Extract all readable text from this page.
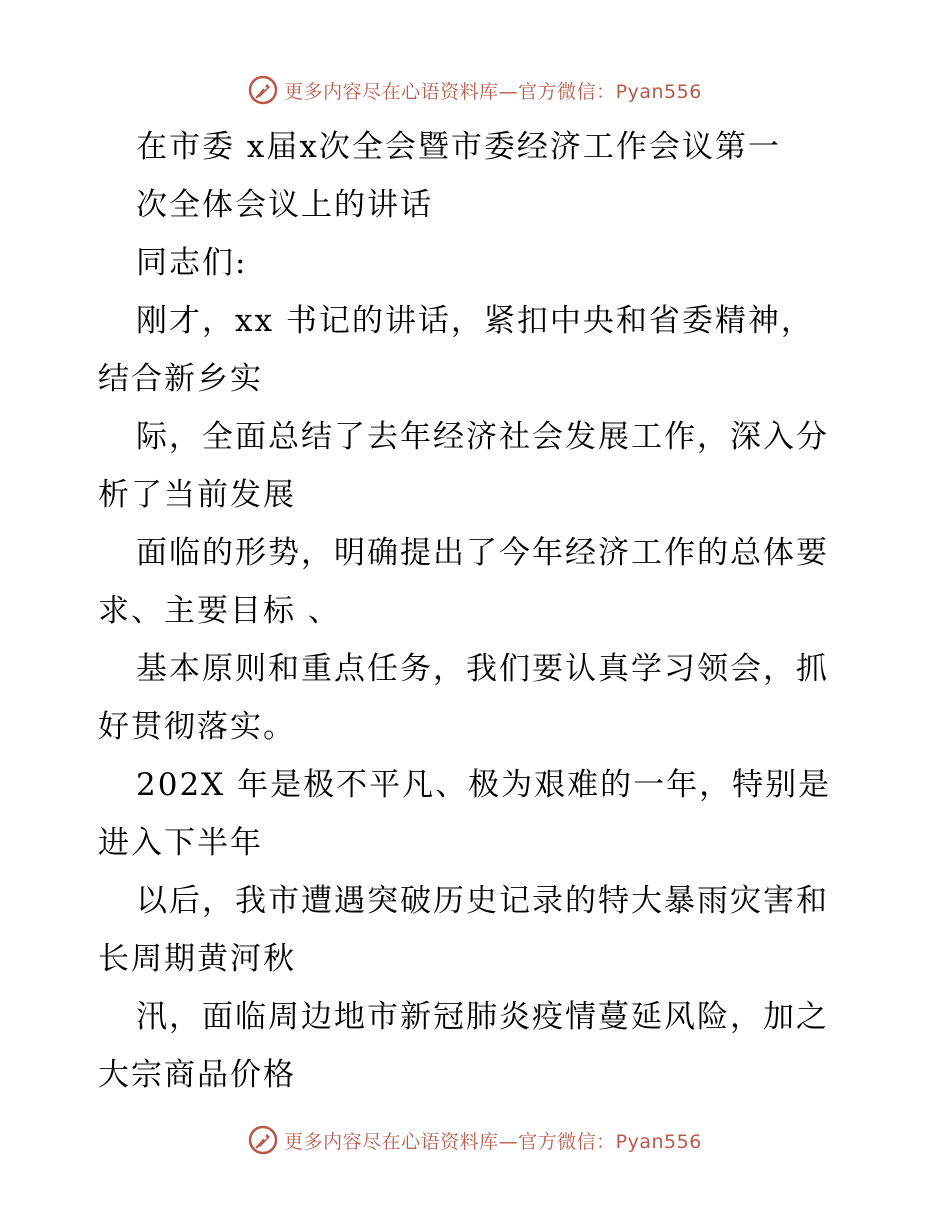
更多内容尽在心语资料库—官方微信：Pyan556

在市委 x届x次全会暨市委经济工作会议第一

次全体会议上的讲话

同志们:

刚才，xx 书记的讲话，紧扣中央和省委精神，

结合新乡实

际，全面总结了去年经济社会发展工作，深入分

析了当前发展

面临的形势，明确提出了今年经济工作的总体要

求、主要目标 、

基本原则和重点任务，我们要认真学习领会，抓

好贯彻落实。

202X 年是极不平凡、极为艰难的一年，特别是

进入下半年

以后，我市遭遇突破历史记录的特大暴雨灾害和

长周期黄河秋

汛，面临周边地市新冠肺炎疫情蔓延风险，加之

大宗商品价格

更多内容尽在心语资料库—官方微信：Pyan556
